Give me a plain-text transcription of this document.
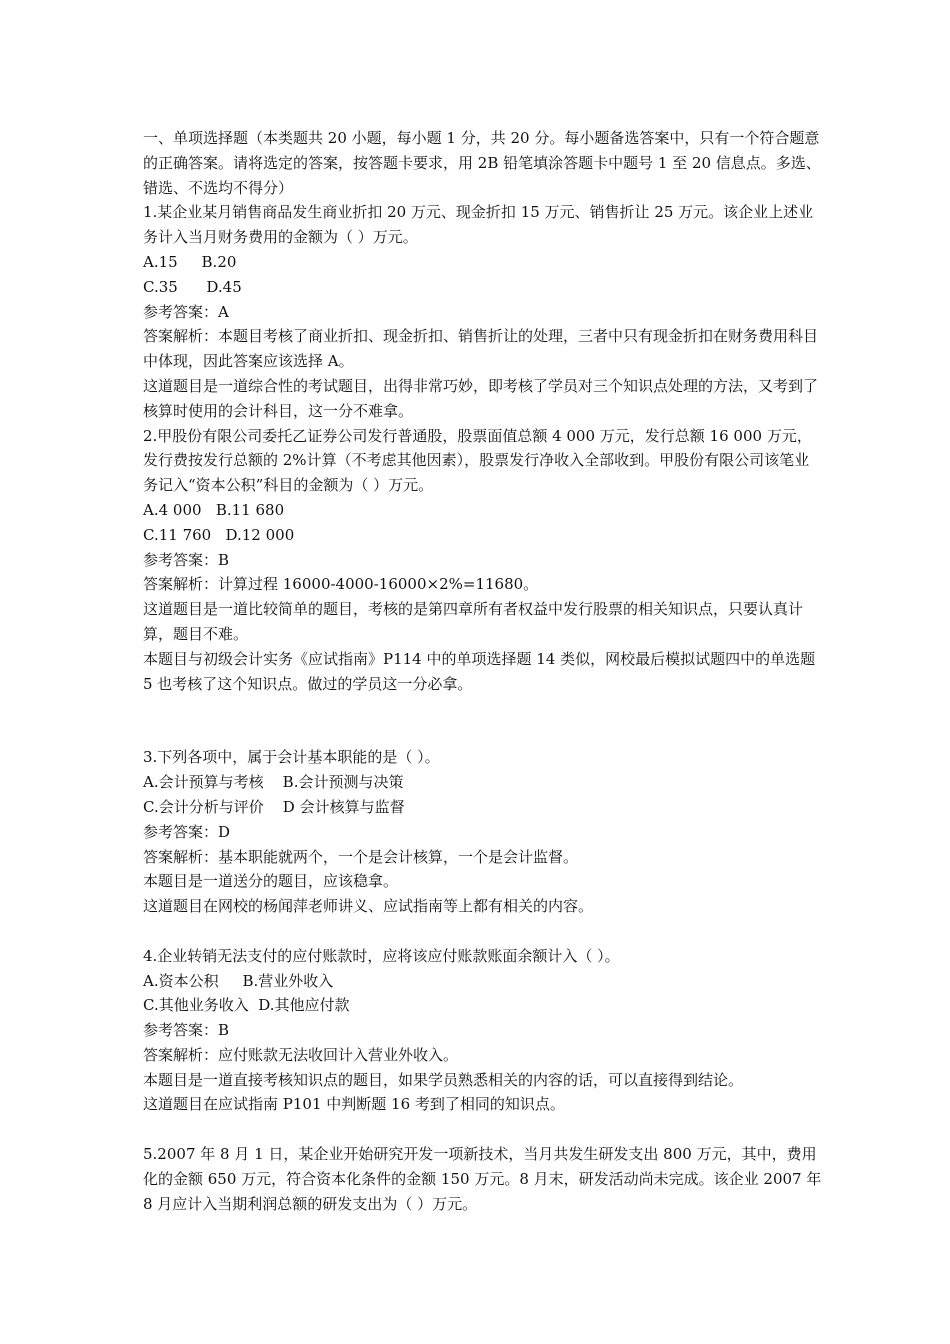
一、单项选择题（本类题共 20 小题，每小题 1 分，共 20 分。每小题备选答案中，只有一个符合题意的正确答案。请将选定的答案，按答题卡要求，用 2B 铅笔填涂答题卡中题号 1 至 20 信息点。多选、错选、不选均不得分）

1.某企业某月销售商品发生商业折扣 20 万元、现金折扣 15 万元、销售折让 25 万元。该企业上述业务计入当月财务费用的金额为（ ）万元。

A.15     B.20

C.35      D.45

参考答案：A

答案解析：本题目考核了商业折扣、现金折扣、销售折让的处理，三者中只有现金折扣在财务费用科目中体现，因此答案应该选择 A。

这道题目是一道综合性的考试题目，出得非常巧妙，即考核了学员对三个知识点处理的方法，又考到了核算时使用的会计科目，这一分不难拿。

2.甲股份有限公司委托乙证券公司发行普通股，股票面值总额 4 000 万元，发行总额 16 000 万元，发行费按发行总额的 2%计算（不考虑其他因素），股票发行净收入全部收到。甲股份有限公司该笔业务记入“资本公积”科目的金额为（ ）万元。

A.4 000   B.11 680

C.11 760   D.12 000

参考答案：B

答案解析：计算过程 16000-4000-16000×2%=11680。

这道题目是一道比较简单的题目，考核的是第四章所有者权益中发行股票的相关知识点，只要认真计算，题目不难。

本题目与初级会计实务《应试指南》P114 中的单项选择题 14 类似，网校最后模拟试题四中的单选题 5 也考核了这个知识点。做过的学员这一分必拿。

3.下列各项中，属于会计基本职能的是（ ）。

A.会计预算与考核    B.会计预测与决策

C.会计分析与评价    D 会计核算与监督

参考答案：D

答案解析：基本职能就两个，一个是会计核算，一个是会计监督。

本题目是一道送分的题目，应该稳拿。

这道题目在网校的杨闻萍老师讲义、应试指南等上都有相关的内容。

4.企业转销无法支付的应付账款时，应将该应付账款账面余额计入（ ）。

A.资本公积     B.营业外收入

C.其他业务收入  D.其他应付款

参考答案：B

答案解析：应付账款无法收回计入营业外收入。

本题目是一道直接考核知识点的题目，如果学员熟悉相关的内容的话，可以直接得到结论。

这道题目在应试指南 P101 中判断题 16 考到了相同的知识点。

5.2007 年 8 月 1 日，某企业开始研究开发一项新技术，当月共发生研发支出 800 万元，其中，费用化的金额 650 万元，符合资本化条件的金额 150 万元。8 月末，研发活动尚未完成。该企业 2007 年 8 月应计入当期利润总额的研发支出为（ ）万元。
